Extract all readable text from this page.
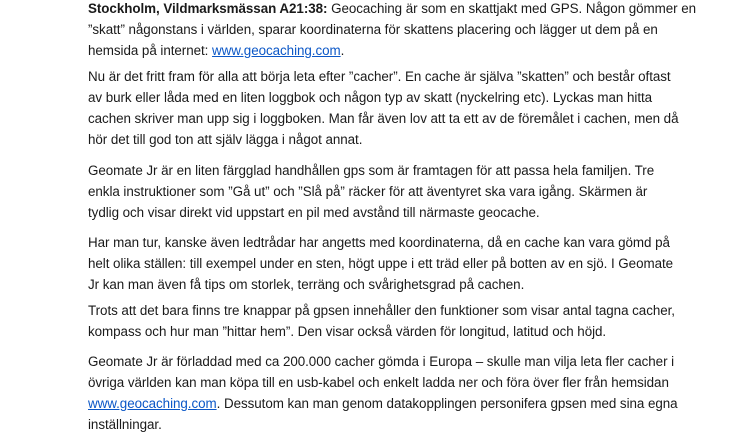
Stockholm, Vildmarksmässan A21:38: Geocaching är som en skattjakt med GPS. Någon gömmer en
”skatt” någonstans i världen, sparar koordinaterna för skattens placering och lägger ut dem på en
hemsida på internet: www.geocaching.com.

Nu är det fritt fram för alla att börja leta efter ”cacher”. En cache är själva ”skatten” och består oftast
av burk eller låda med en liten loggbok och någon typ av skatt (nyckelring etc). Lyckas man hitta
cachen skriver man upp sig i loggboken. Man får även lov att ta ett av de föremålet i cachen, men då
hör det till god ton att själv lägga i något annat.

Geomate Jr är en liten färgglad handhållen gps som är framtagen för att passa hela familjen. Tre
enkla instruktioner som ”Gå ut” och ”Slå på” räcker för att äventyret ska vara igång. Skärmen är
tydlig och visar direkt vid uppstart en pil med avstånd till närmaste geocache.

Har man tur, kanske även ledtrådar har angetts med koordinaterna, då en cache kan vara gömd på
helt olika ställen: till exempel under en sten, högt uppe i ett träd eller på botten av en sjö. I Geomate
Jr kan man även få tips om storlek, terräng och svårighetsgrad på cachen.

Trots att det bara finns tre knappar på gpsen innehåller den funktioner som visar antal tagna cacher,
kompass och hur man ”hittar hem”. Den visar också värden för longitud, latitud och höjd.

Geomate Jr är förladdad med ca 200.000 cacher gömda i Europa – skulle man vilja leta fler cacher i
övriga världen kan man köpa till en usb-kabel och enkelt ladda ner och föra över fler från hemsidan
www.geocaching.com. Dessutom kan man genom datakopplingen personifera gpsen med sina egna
inställningar.
